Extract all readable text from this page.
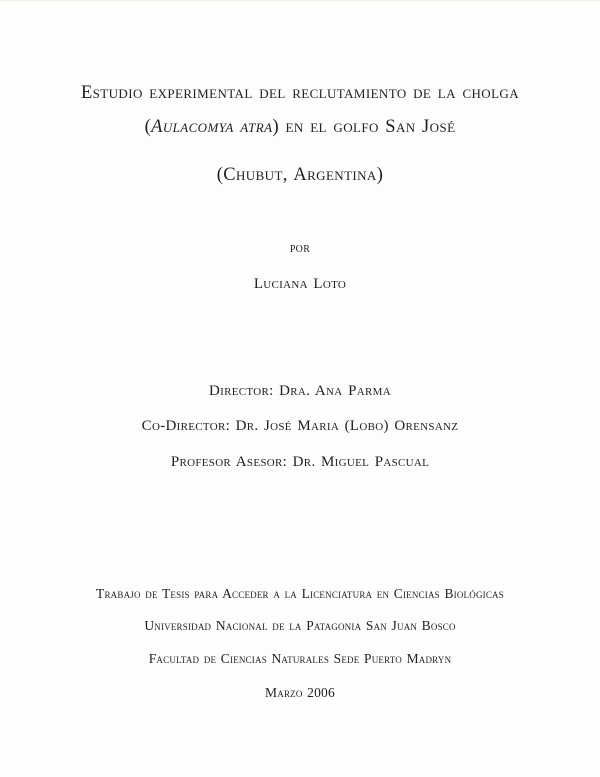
Estudio experimental del reclutamiento de la cholga
(Aulacomya atra) en el golfo San José
(Chubut, Argentina)
por
Luciana Loto
Director: Dra. Ana Parma
Co-Director: Dr. José Maria (Lobo) Orensanz
Profesor Asesor: Dr. Miguel Pascual
Trabajo de Tesis para Acceder a la Licenciatura en Ciencias Biológicas
Universidad Nacional de la Patagonia San Juan Bosco
Facultad de Ciencias Naturales Sede Puerto Madryn
Marzo 2006
